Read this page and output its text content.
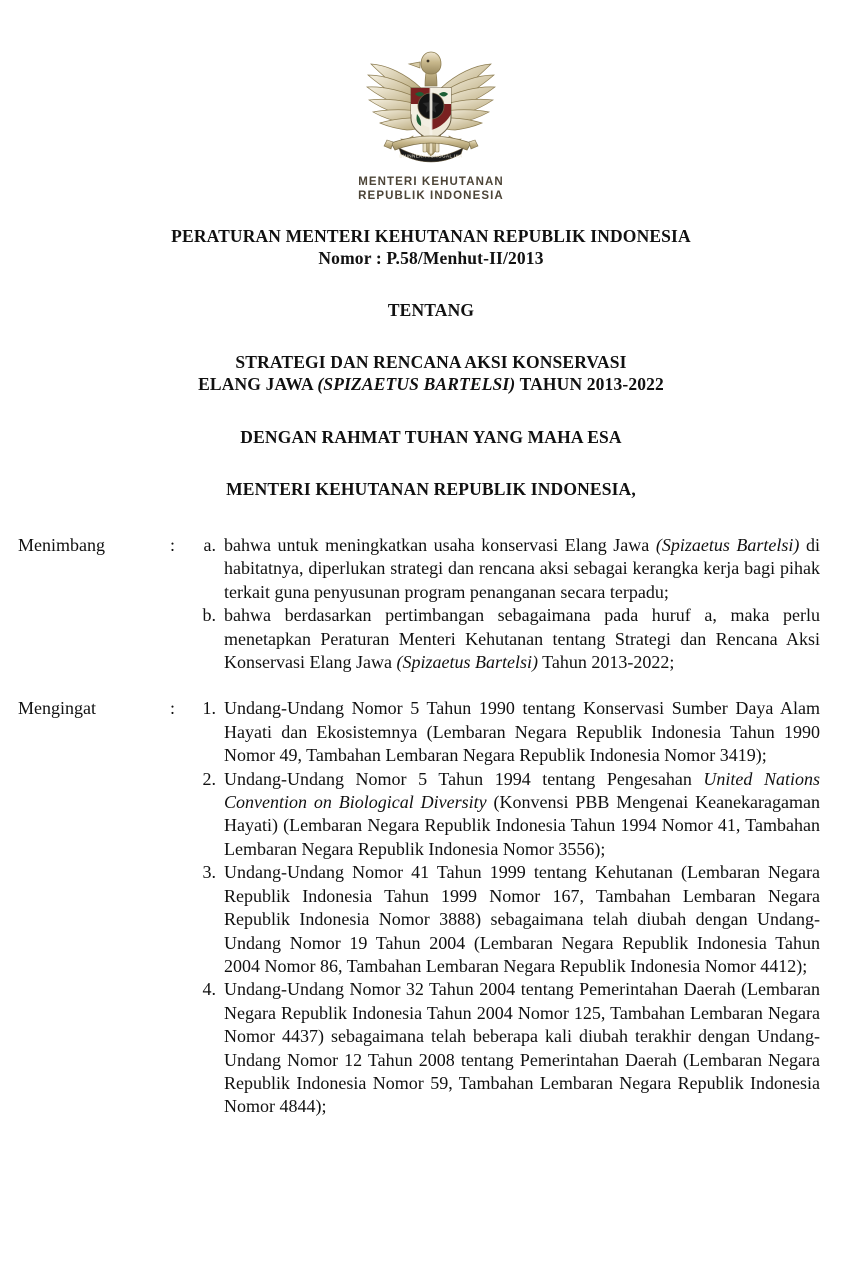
BHINNEKA TUNGGAL IKA
MENTERI KEHUTANAN
REPUBLIK INDONESIA
PERATURAN MENTERI KEHUTANAN REPUBLIK INDONESIA
Nomor : P.58/Menhut-II/2013
TENTANG
STRATEGI DAN RENCANA AKSI KONSERVASI
ELANG JAWA (SPIZAETUS BARTELSI) TAHUN 2013-2022
DENGAN RAHMAT TUHAN YANG MAHA ESA
MENTERI KEHUTANAN REPUBLIK INDONESIA,
Menimbang	:	a. bahwa untuk meningkatkan usaha konservasi Elang Jawa (Spizaetus Bartelsi) di habitatnya, diperlukan strategi dan rencana aksi sebagai kerangka kerja bagi pihak terkait guna penyusunan program penanganan secara terpadu;
b. bahwa berdasarkan pertimbangan sebagaimana pada huruf a, maka perlu menetapkan Peraturan Menteri Kehutanan tentang Strategi dan Rencana Aksi Konservasi Elang Jawa (Spizaetus Bartelsi) Tahun 2013-2022;
Mengingat	:	1. Undang-Undang Nomor 5 Tahun 1990 tentang Konservasi Sumber Daya Alam Hayati dan Ekosistemnya (Lembaran Negara Republik Indonesia Tahun 1990 Nomor 49, Tambahan Lembaran Negara Republik Indonesia Nomor 3419);
2. Undang-Undang Nomor 5 Tahun 1994 tentang Pengesahan United Nations Convention on Biological Diversity (Konvensi PBB Mengenai Keanekaragaman Hayati) (Lembaran Negara Republik Indonesia Tahun 1994 Nomor 41, Tambahan Lembaran Negara Republik Indonesia Nomor 3556);
3. Undang-Undang Nomor 41 Tahun 1999 tentang Kehutanan (Lembaran Negara Republik Indonesia Tahun 1999 Nomor 167, Tambahan Lembaran Negara Republik Indonesia Nomor 3888) sebagaimana telah diubah dengan Undang-Undang Nomor 19 Tahun 2004 (Lembaran Negara Republik Indonesia Tahun 2004 Nomor 86, Tambahan Lembaran Negara Republik Indonesia Nomor 4412);
4. Undang-Undang Nomor 32 Tahun 2004 tentang Pemerintahan Daerah (Lembaran Negara Republik Indonesia Tahun 2004 Nomor 125, Tambahan Lembaran Negara Nomor 4437) sebagaimana telah beberapa kali diubah terakhir dengan Undang-Undang Nomor 12 Tahun 2008 tentang Pemerintahan Daerah (Lembaran Negara Republik Indonesia Nomor 59, Tambahan Lembaran Negara Republik Indonesia Nomor 4844);
